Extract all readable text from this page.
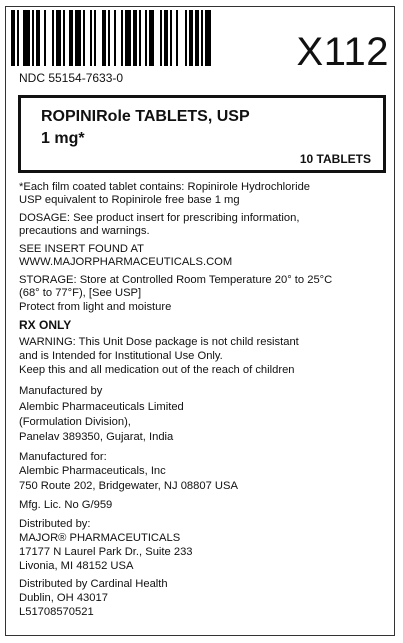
X112
NDC 55154-7633-0
ROPINIRole TABLETS, USP
1 mg*
10 TABLETS
*Each film coated tablet contains: Ropinirole Hydrochloride
USP equivalent to Ropinirole free base 1 mg
DOSAGE: See product insert for prescribing information,
precautions and warnings.
SEE INSERT FOUND AT
WWW.MAJORPHARMACEUTICALS.COM
STORAGE: Store at Controlled Room Temperature 20° to 25°C
(68° to 77°F), [See USP]
Protect from light and moisture
RX ONLY
WARNING: This Unit Dose package is not child resistant
and is Intended for Institutional Use Only.
Keep this and all medication out of the reach of children
Manufactured by
Alembic Pharmaceuticals Limited
(Formulation Division),
Panelav 389350, Gujarat, India
Manufactured for:
Alembic Pharmaceuticals, Inc
750 Route 202, Bridgewater, NJ 08807 USA
Mfg. Lic. No G/959
Distributed by:
MAJOR® PHARMACEUTICALS
17177 N Laurel Park Dr., Suite 233
Livonia, MI 48152 USA
Distributed by Cardinal Health
Dublin, OH 43017
L51708570521
